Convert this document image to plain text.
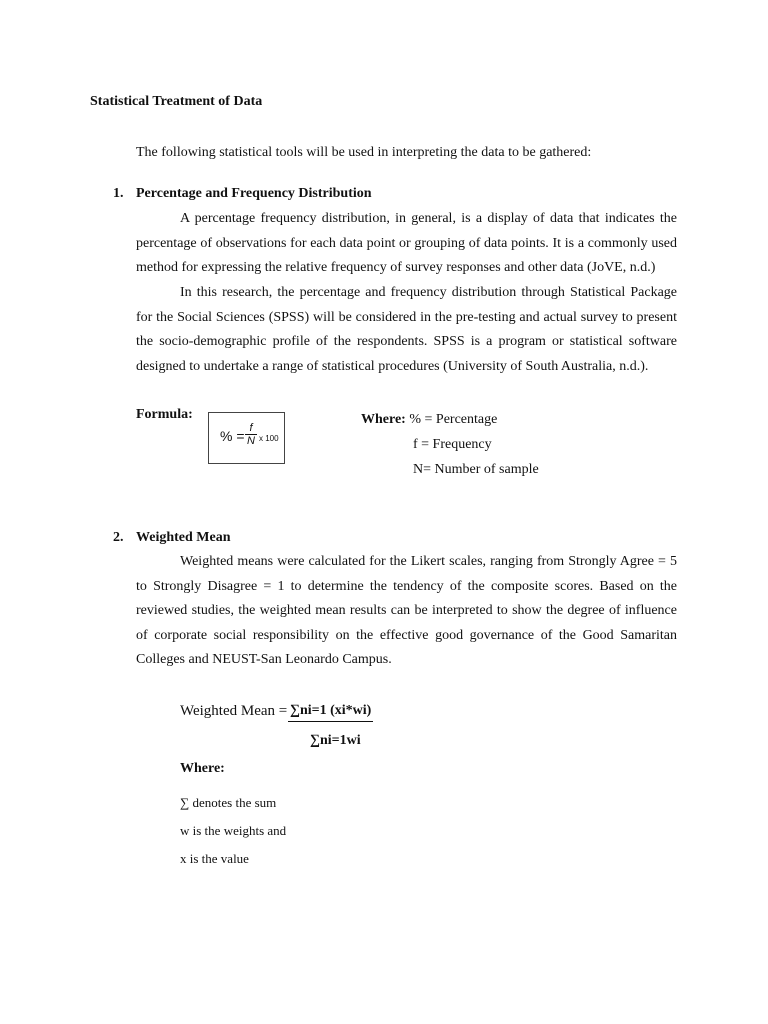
Statistical Treatment of Data
The following statistical tools will be used in interpreting the data to be gathered:
1. Percentage and Frequency Distribution

A percentage frequency distribution, in general, is a display of data that indicates the percentage of observations for each data point or grouping of data points. It is a commonly used method for expressing the relative frequency of survey responses and other data (JoVE, n.d.)

In this research, the percentage and frequency distribution through Statistical Package for the Social Sciences (SPSS) will be considered in the pre-testing and actual survey to present the socio-demographic profile of the respondents. SPSS is a program or statistical software designed to undertake a range of statistical procedures (University of South Australia, n.d.).

Formula:
% = $\frac{f}{N}$ x 100
Where: % = Percentage
f = Frequency
N= Number of sample
2. Weighted Mean

Weighted means were calculated for the Likert scales, ranging from Strongly Agree = 5 to Strongly Disagree = 1 to determine the tendency of the composite scores. Based on the reviewed studies, the weighted mean results can be interpreted to show the degree of influence of corporate social responsibility on the effective good governance of the Good Samaritan Colleges and NEUST-San Leonardo Campus.

Weighted Mean = ∑ni=1 (xi*wi)
∑ni=1wi
Where:
∑ denotes the sum
w is the weights and
x is the value
